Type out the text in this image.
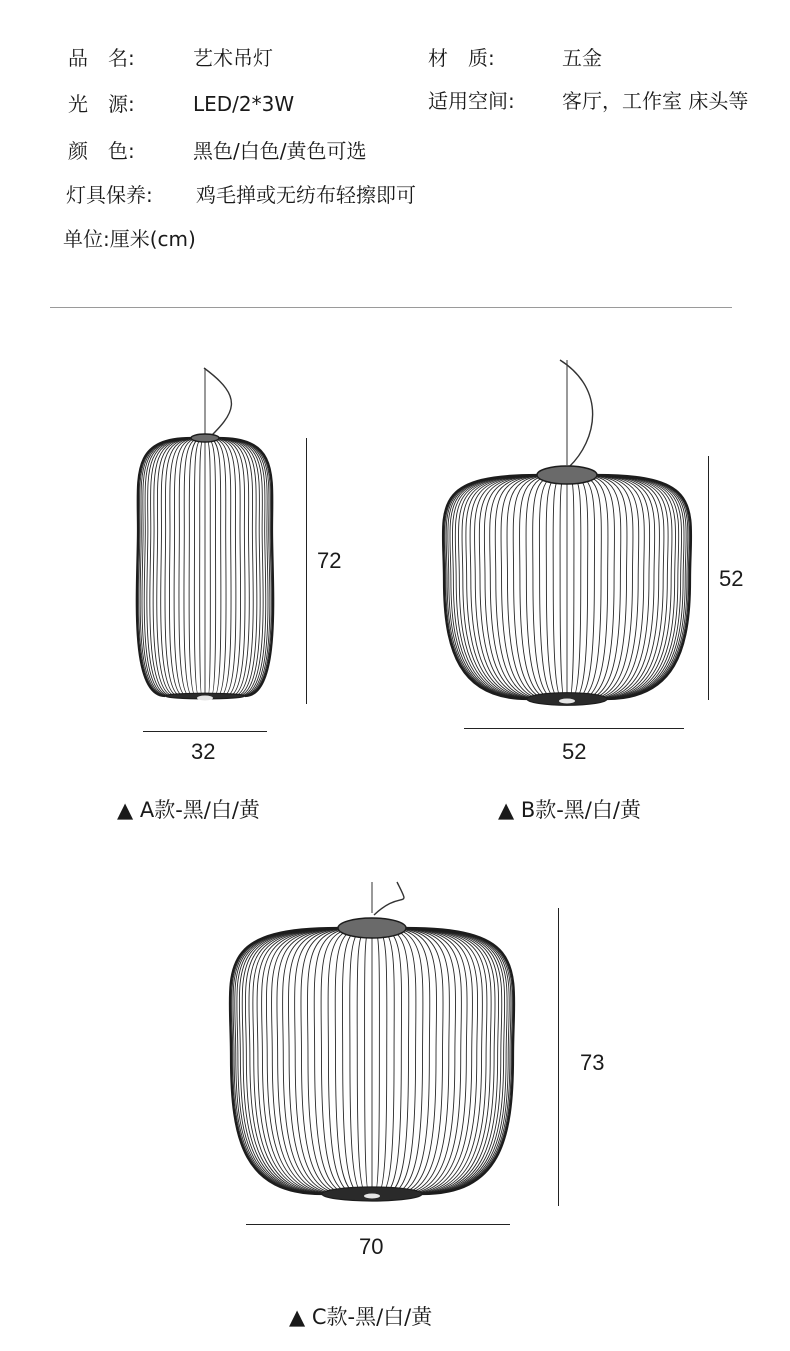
品　名:	艺术吊灯	材　质:	五金
光　源:	LED/2*3W	适用空间: 客厅，工作室 床头等
颜　色:	黑色/白色/黄色可选
灯具保养: 鸡毛掸或无纺布轻擦即可
单位:厘米(cm)
72
32
▲ A款-黑/白/黄
52
52
▲ B款-黑/白/黄
73
70
▲ C款-黑/白/黄
